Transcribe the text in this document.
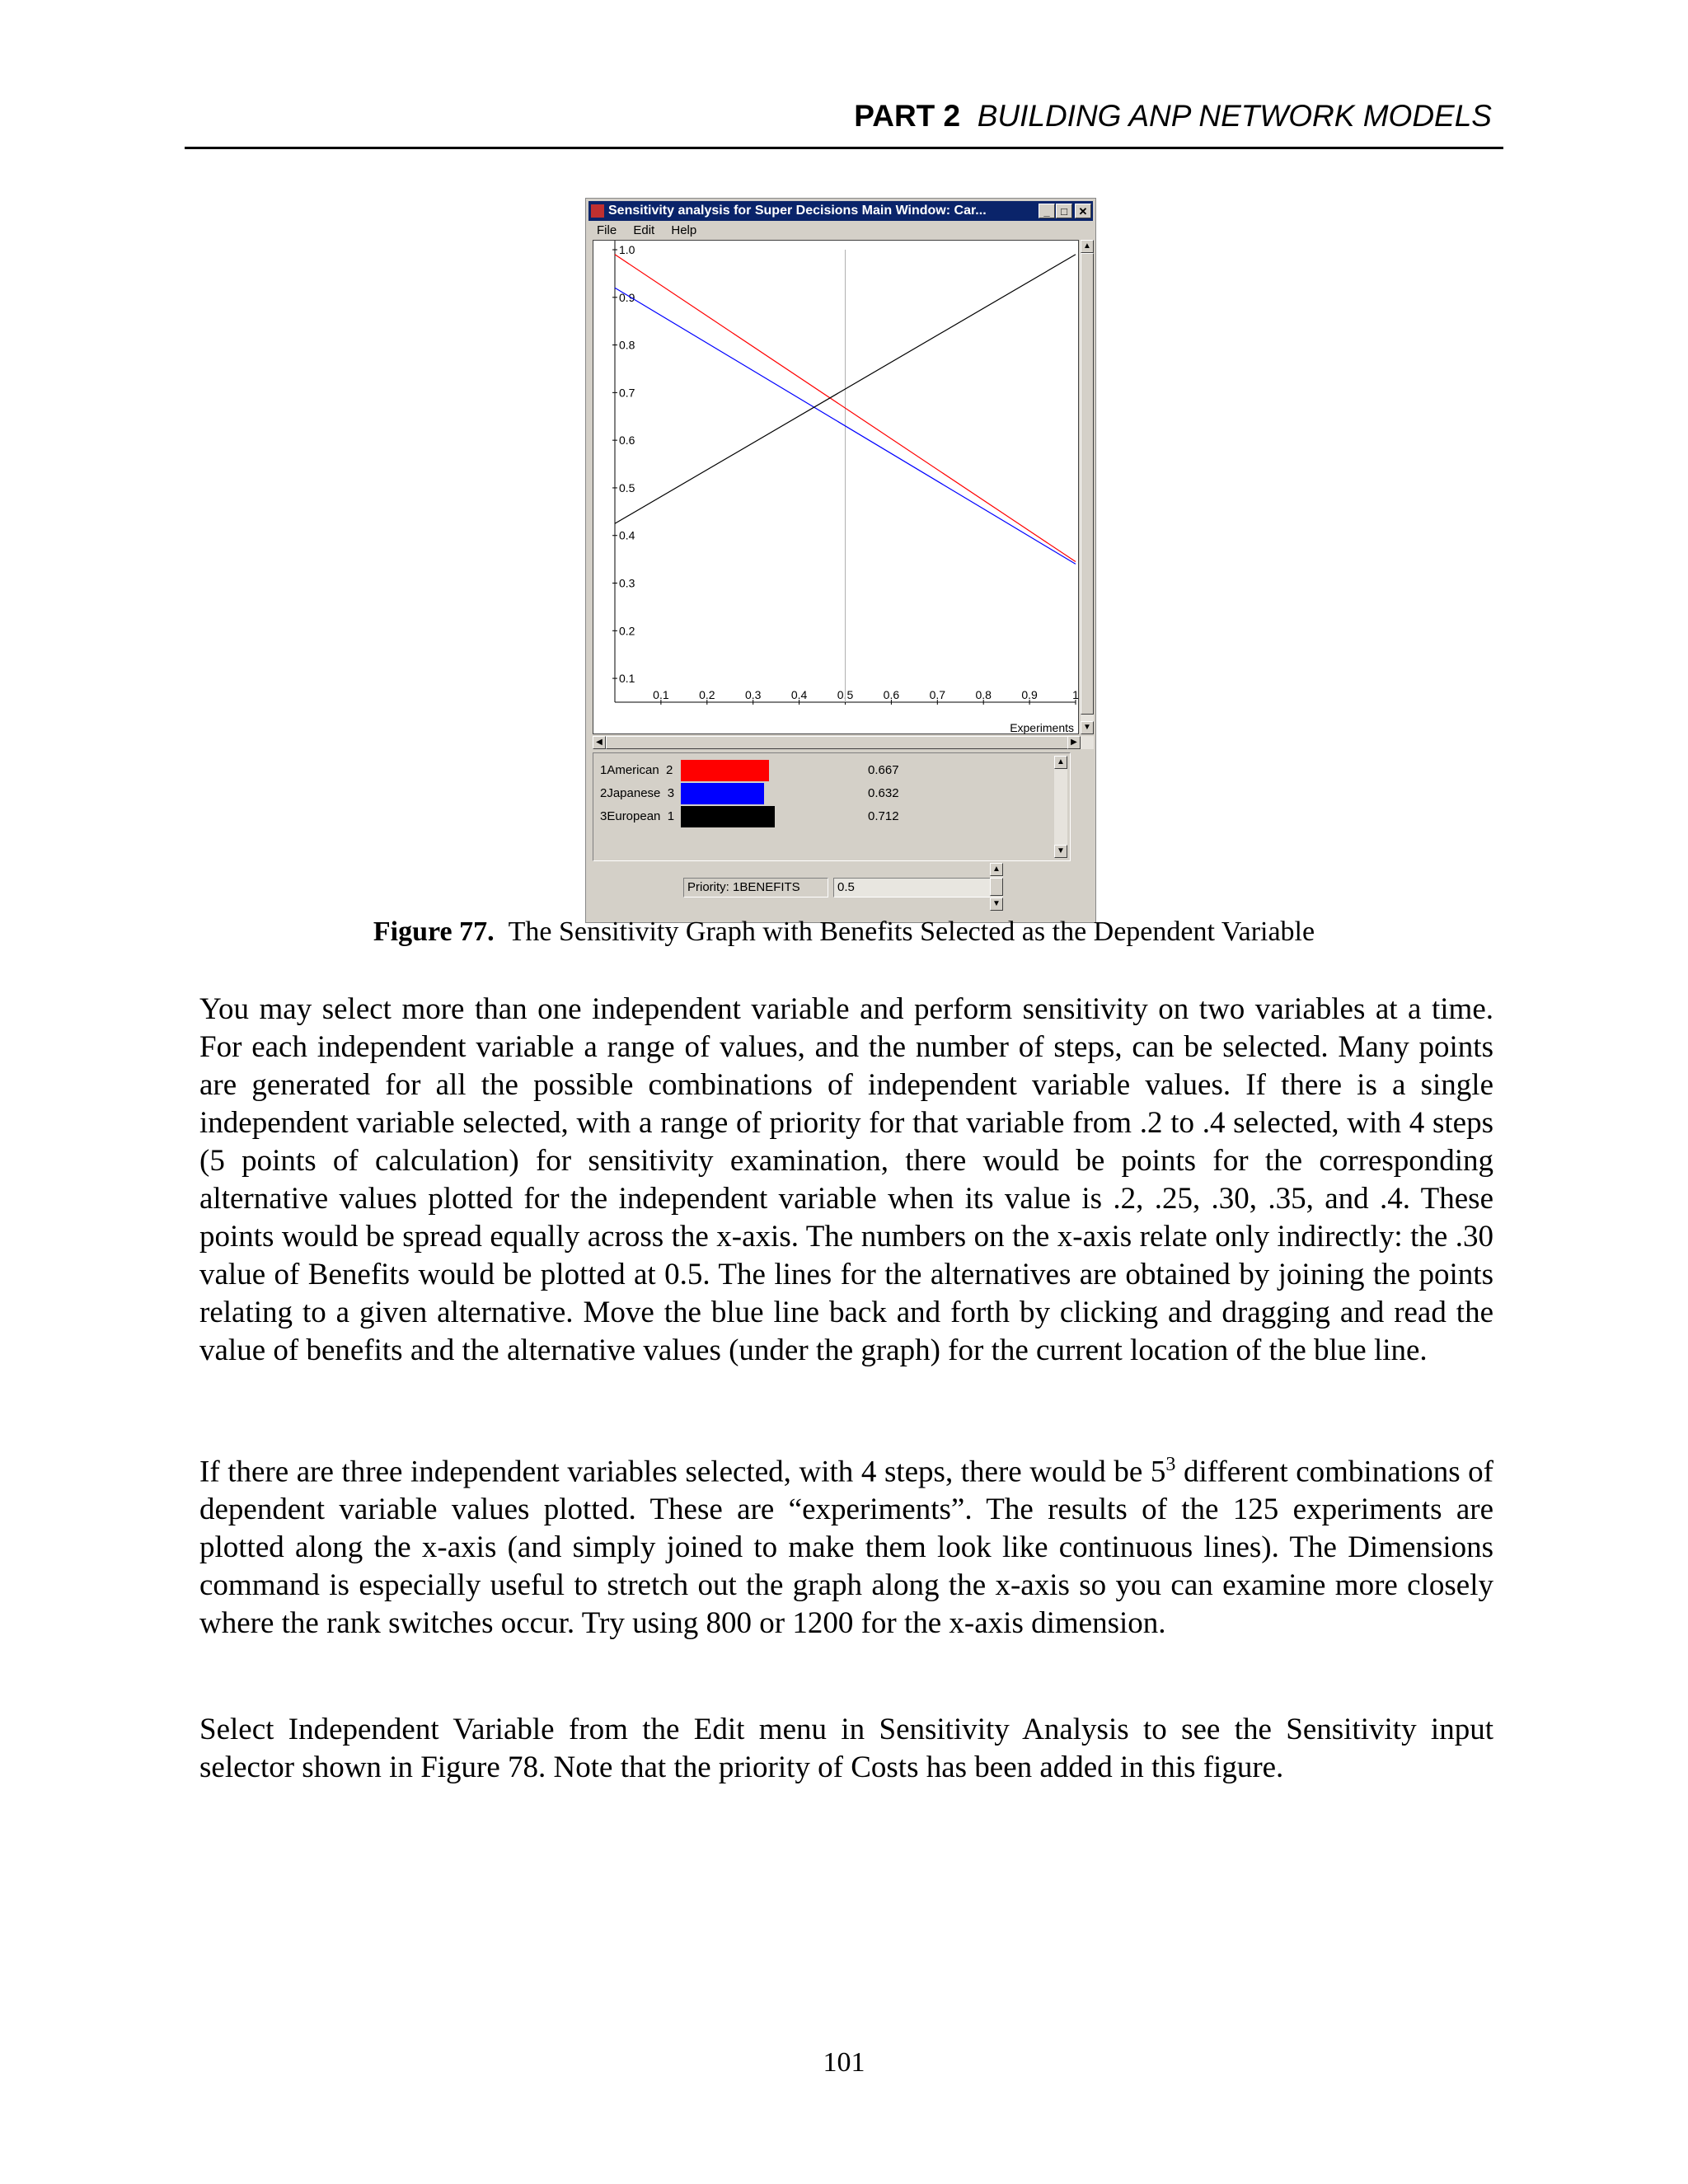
PART 2 BUILDING ANP NETWORK MODELS
Sensitivity analysis for Super Decisions Main Window: Car...	_	□	✕
File Edit Help
1.0
0.9
0.8
0.7
0.6
0.5
0.4
0.3
0.2
0.1
0.1	0.2	0.3	0.4	0.5	0.6	0.7	0.8	0.9	1
Experiments
▲
▼
◀	▶
1American 2	0.667
2Japanese 3	0.632
3European 1	0.712
▲
▼
Priority: 1BENEFITS	0.5
▲
▼
Figure 77. The Sensitivity Graph with Benefits Selected as the Dependent Variable
You may select more than one independent variable and perform sensitivity on two variables at a time. For each independent variable a range of values, and the number of steps, can be selected. Many points are generated for all the possible combinations of independent variable values. If there is a single independent variable selected, with a range of priority for that variable from .2 to .4 selected, with 4 steps (5 points of calculation) for sensitivity examination, there would be points for the corresponding alternative values plotted for the independent variable when its value is .2, .25, .30, .35, and .4. These points would be spread equally across the x-axis. The numbers on the x-axis relate only indirectly: the .30 value of Benefits would be plotted at 0.5. The lines for the alternatives are obtained by joining the points relating to a given alternative. Move the blue line back and forth by clicking and dragging and read the value of benefits and the alternative values (under the graph) for the current location of the blue line.
If there are three independent variables selected, with 4 steps, there would be $5^3$ different combinations of dependent variable values plotted. These are “experiments”. The results of the 125 experiments are plotted along the x-axis (and simply joined to make them look like continuous lines). The Dimensions command is especially useful to stretch out the graph along the x-axis so you can examine more closely where the rank switches occur. Try using 800 or 1200 for the x-axis dimension.
Select Independent Variable from the Edit menu in Sensitivity Analysis to see the Sensitivity input selector shown in Figure 78. Note that the priority of Costs has been added in this figure.
101
